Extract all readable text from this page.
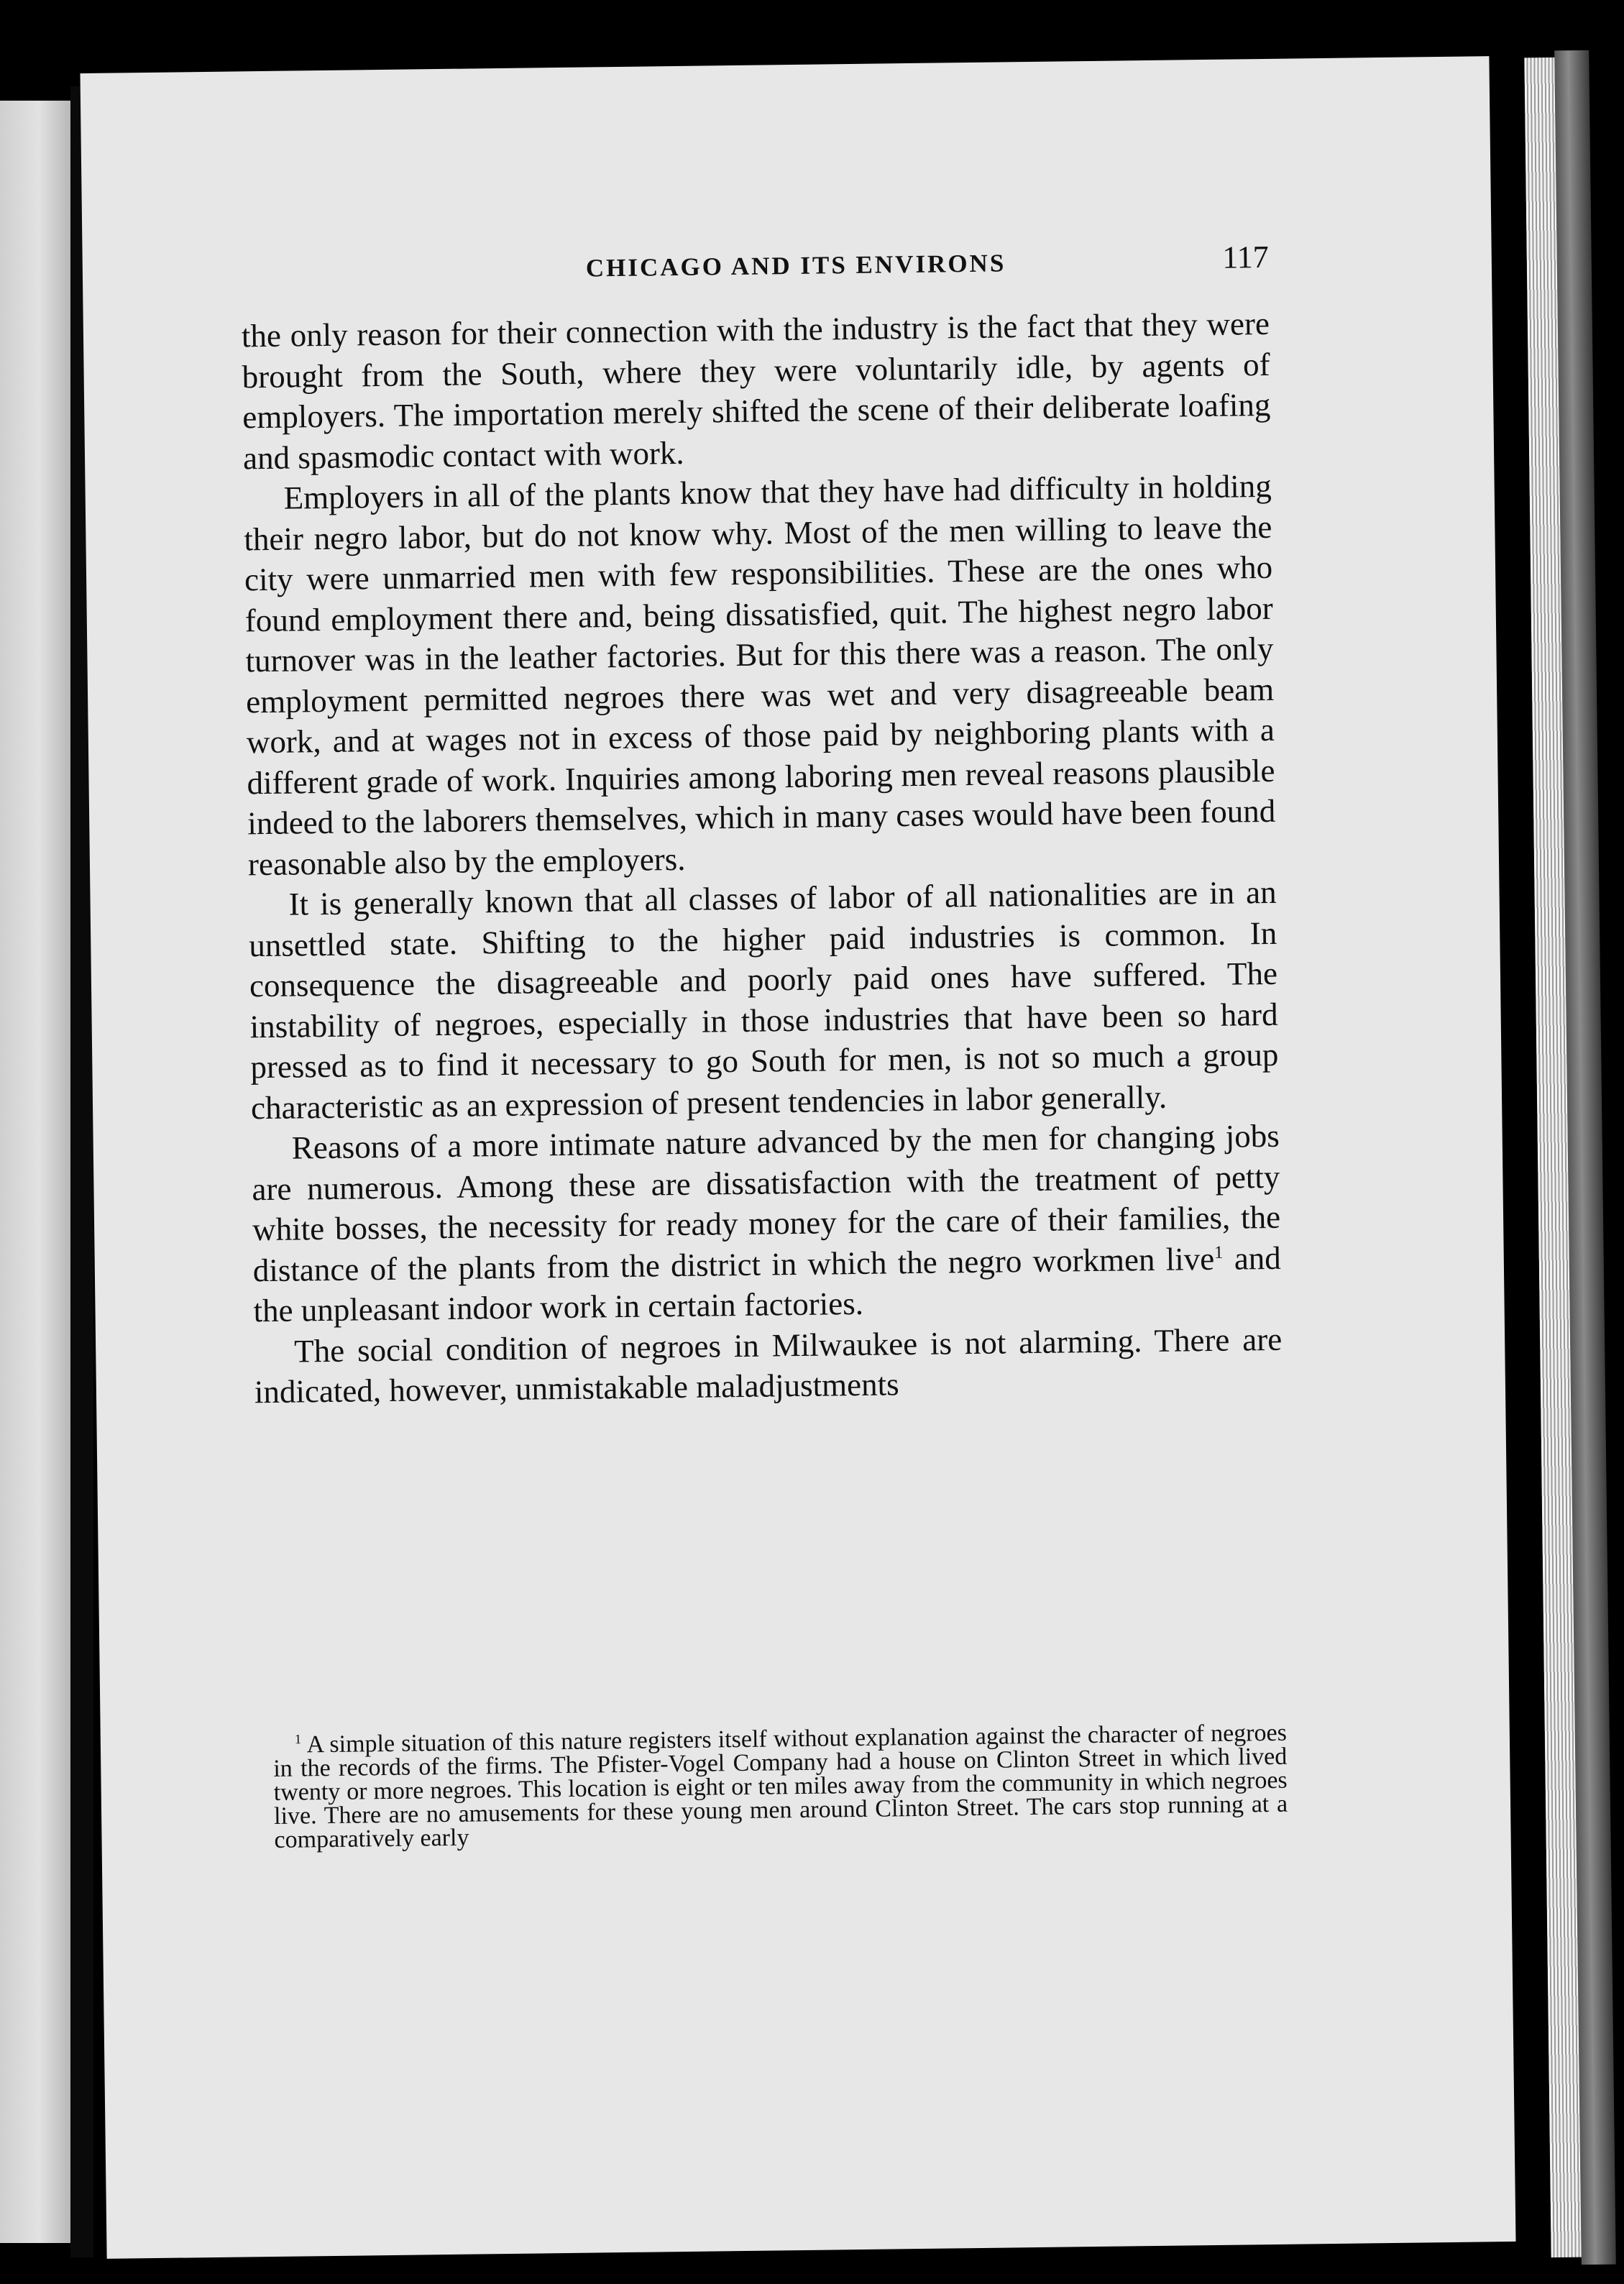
CHICAGO AND ITS ENVIRONS	117

the only reason for their connection with the industry is the fact that they were brought from the South, where they were voluntarily idle, by agents of employers. The importation merely shifted the scene of their deliberate loafing and spasmodic contact with work.

Employers in all of the plants know that they have had difficulty in holding their negro labor, but do not know why. Most of the men willing to leave the city were unmarried men with few responsibilities. These are the ones who found employment there and, being dissatisfied, quit. The highest negro labor turnover was in the leather factories. But for this there was a reason. The only employment permitted negroes there was wet and very disagreeable beam work, and at wages not in excess of those paid by neighboring plants with a different grade of work. Inquiries among laboring men reveal reasons plausible indeed to the laborers themselves, which in many cases would have been found reasonable also by the employers.

It is generally known that all classes of labor of all nationalities are in an unsettled state. Shifting to the higher paid industries is common. In consequence the disagreeable and poorly paid ones have suffered. The instability of negroes, especially in those industries that have been so hard pressed as to find it necessary to go South for men, is not so much a group characteristic as an expression of present tendencies in labor generally.

Reasons of a more intimate nature advanced by the men for changing jobs are numerous. Among these are dissatisfaction with the treatment of petty white bosses, the necessity for ready money for the care of their families, the distance of the plants from the district in which the negro workmen live$^1$ and the unpleasant indoor work in certain factories.

The social condition of negroes in Milwaukee is not alarming. There are indicated, however, unmistakable maladjustments

$^1$ A simple situation of this nature registers itself without explanation against the character of negroes in the records of the firms. The Pfister-Vogel Company had a house on Clinton Street in which lived twenty or more negroes. This location is eight or ten miles away from the community in which negroes live. There are no amusements for these young men around Clinton Street. The cars stop running at a comparatively early
